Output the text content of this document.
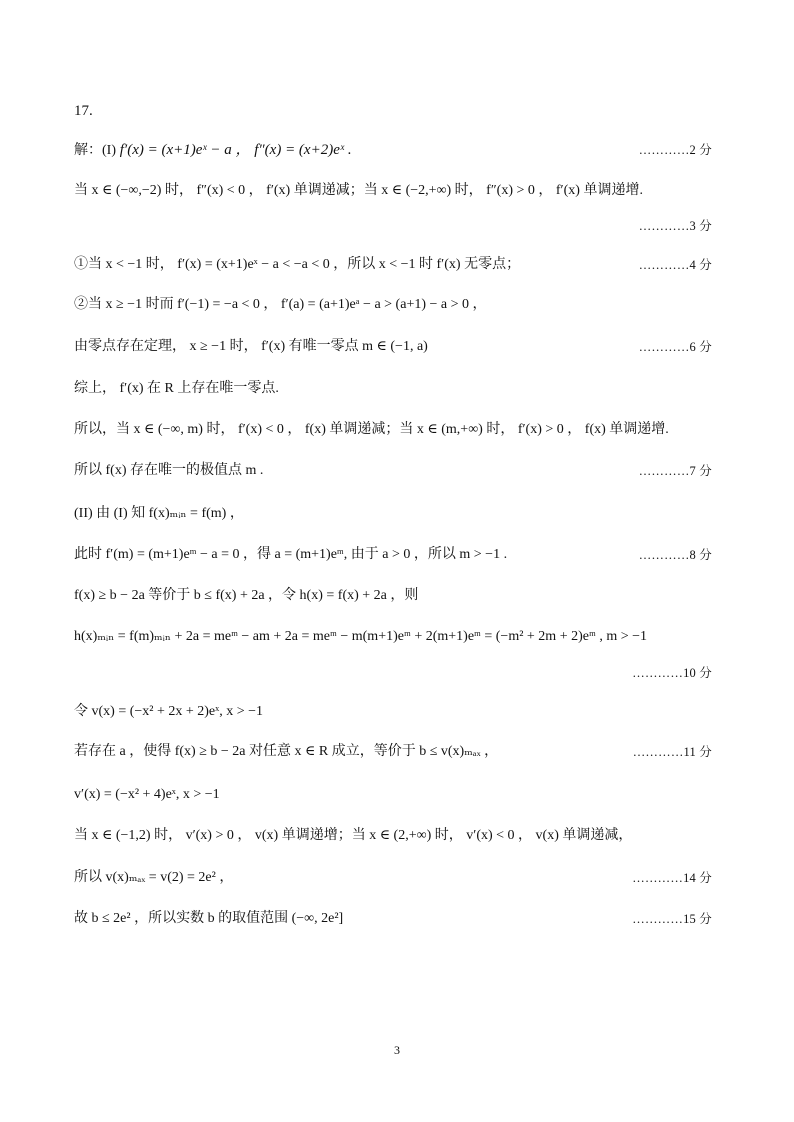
17.
解：(I) f′(x) = (x+1)eˣ − a ， f″(x) = (x+2)eˣ .	…………2 分
当 x ∈ (−∞,−2) 时， f″(x) < 0 ， f′(x) 单调递减；当 x ∈ (−2,+∞) 时， f″(x) > 0 ， f′(x) 单调递增.
…………3 分
①当 x < −1 时， f′(x) = (x+1)eˣ − a < −a < 0 ，所以 x < −1 时 f′(x) 无零点；	…………4 分
②当 x ≥ −1 时而 f′(−1) = −a < 0 ， f′(a) = (a+1)eᵃ − a > (a+1) − a > 0 ，
由零点存在定理， x ≥ −1 时， f′(x) 有唯一零点 m ∈ (−1, a)	…………6 分
综上， f′(x) 在 R 上存在唯一零点.
所以，当 x ∈ (−∞, m) 时， f′(x) < 0 ， f(x) 单调递减；当 x ∈ (m,+∞) 时， f′(x) > 0 ， f(x) 单调递增.
所以 f(x) 存在唯一的极值点 m .	…………7 分
(II) 由 (I) 知 f(x)ₘᵢₙ = f(m) ，
此时 f′(m) = (m+1)eᵐ − a = 0 ，得 a = (m+1)eᵐ, 由于 a > 0 ，所以 m > −1 .	…………8 分
f(x) ≥ b − 2a 等价于 b ≤ f(x) + 2a ，令 h(x) = f(x) + 2a ，则
h(x)ₘᵢₙ = f(m)ₘᵢₙ + 2a = meᵐ − am + 2a = meᵐ − m(m+1)eᵐ + 2(m+1)eᵐ = (−m² + 2m + 2)eᵐ , m > −1
…………10 分
令 v(x) = (−x² + 2x + 2)eˣ, x > −1
若存在 a ，使得 f(x) ≥ b − 2a 对任意 x ∈ R 成立，等价于 b ≤ v(x)ₘₐₓ ，	…………11 分
v′(x) = (−x² + 4)eˣ, x > −1
当 x ∈ (−1,2) 时， v′(x) > 0 ， v(x) 单调递增；当 x ∈ (2,+∞) 时， v′(x) < 0 ， v(x) 单调递减，
所以 v(x)ₘₐₓ = v(2) = 2e² ，	…………14 分
故 b ≤ 2e² ，所以实数 b 的取值范围 (−∞, 2e²]	…………15 分
3
